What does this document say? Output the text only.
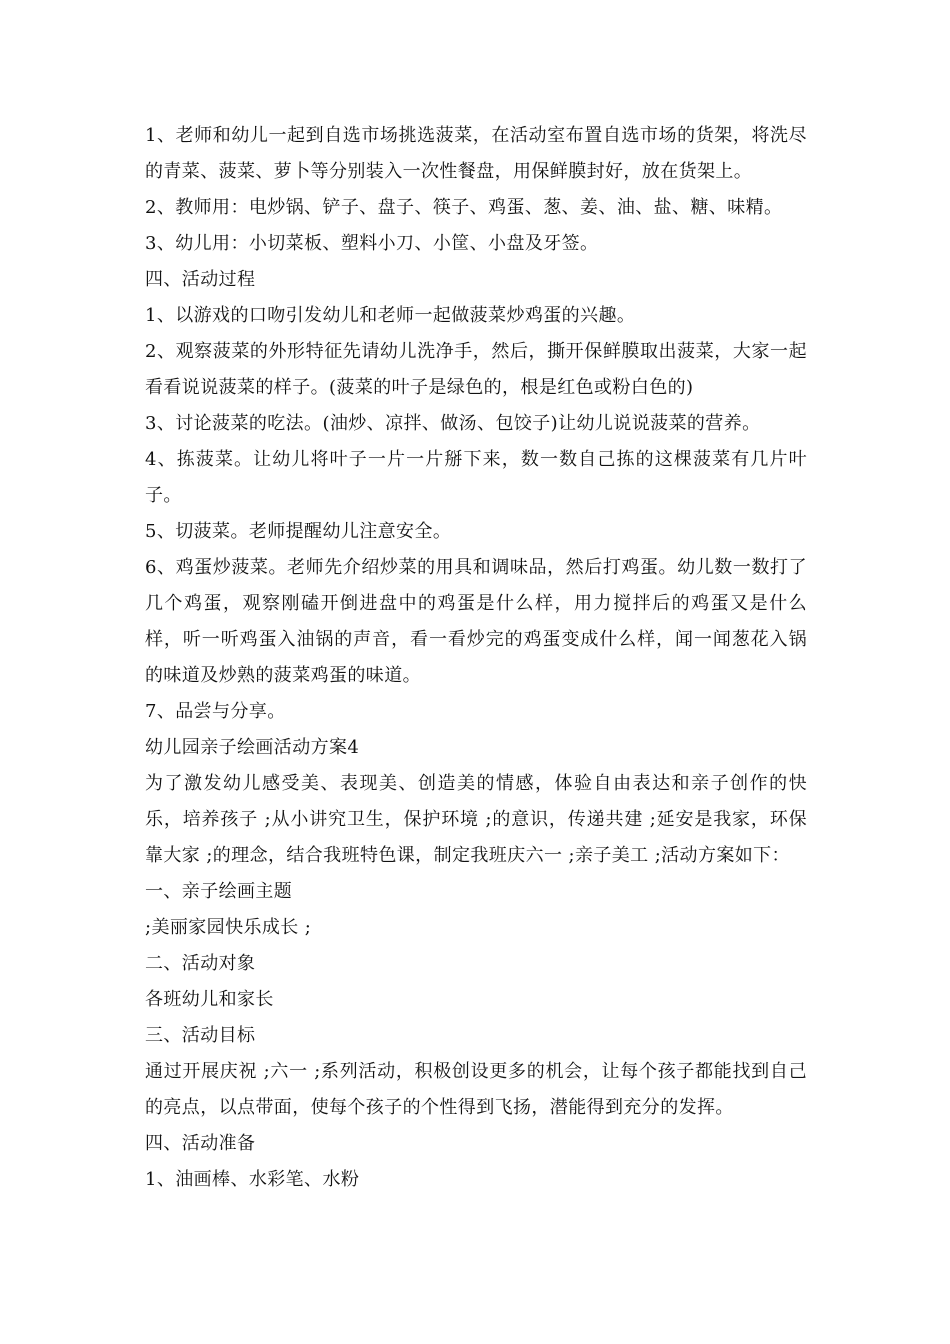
1、老师和幼儿一起到自选市场挑选菠菜，在活动室布置自选市场的货架，将洗尽的青菜、菠菜、萝卜等分别装入一次性餐盘，用保鲜膜封好，放在货架上。

2、教师用：电炒锅、铲子、盘子、筷子、鸡蛋、葱、姜、油、盐、糖、味精。

3、幼儿用：小切菜板、塑料小刀、小筐、小盘及牙签。

四、活动过程

1、以游戏的口吻引发幼儿和老师一起做菠菜炒鸡蛋的兴趣。

2、观察菠菜的外形特征先请幼儿洗净手，然后，撕开保鲜膜取出菠菜，大家一起看看说说菠菜的样子。(菠菜的叶子是绿色的，根是红色或粉白色的)

3、讨论菠菜的吃法。(油炒、凉拌、做汤、包饺子)让幼儿说说菠菜的营养。

4、拣菠菜。让幼儿将叶子一片一片掰下来，数一数自己拣的这棵菠菜有几片叶子。

5、切菠菜。老师提醒幼儿注意安全。

6、鸡蛋炒菠菜。老师先介绍炒菜的用具和调味品，然后打鸡蛋。幼儿数一数打了几个鸡蛋，观察刚磕开倒进盘中的鸡蛋是什么样，用力搅拌后的鸡蛋又是什么样，听一听鸡蛋入油锅的声音，看一看炒完的鸡蛋变成什么样，闻一闻葱花入锅的味道及炒熟的菠菜鸡蛋的味道。

7、品尝与分享。

幼儿园亲子绘画活动方案4

为了激发幼儿感受美、表现美、创造美的情感，体验自由表达和亲子创作的快乐，培养孩子 ;从小讲究卫生，保护环境 ;的意识，传递共建 ;延安是我家，环保靠大家 ;的理念，结合我班特色课，制定我班庆六一 ;亲子美工 ;活动方案如下：

一、亲子绘画主题

;美丽家园快乐成长 ;

二、活动对象

各班幼儿和家长

三、活动目标

通过开展庆祝 ;六一 ;系列活动，积极创设更多的机会，让每个孩子都能找到自己的亮点，以点带面，使每个孩子的个性得到飞扬，潜能得到充分的发挥。

四、活动准备

1、油画棒、水彩笔、水粉
